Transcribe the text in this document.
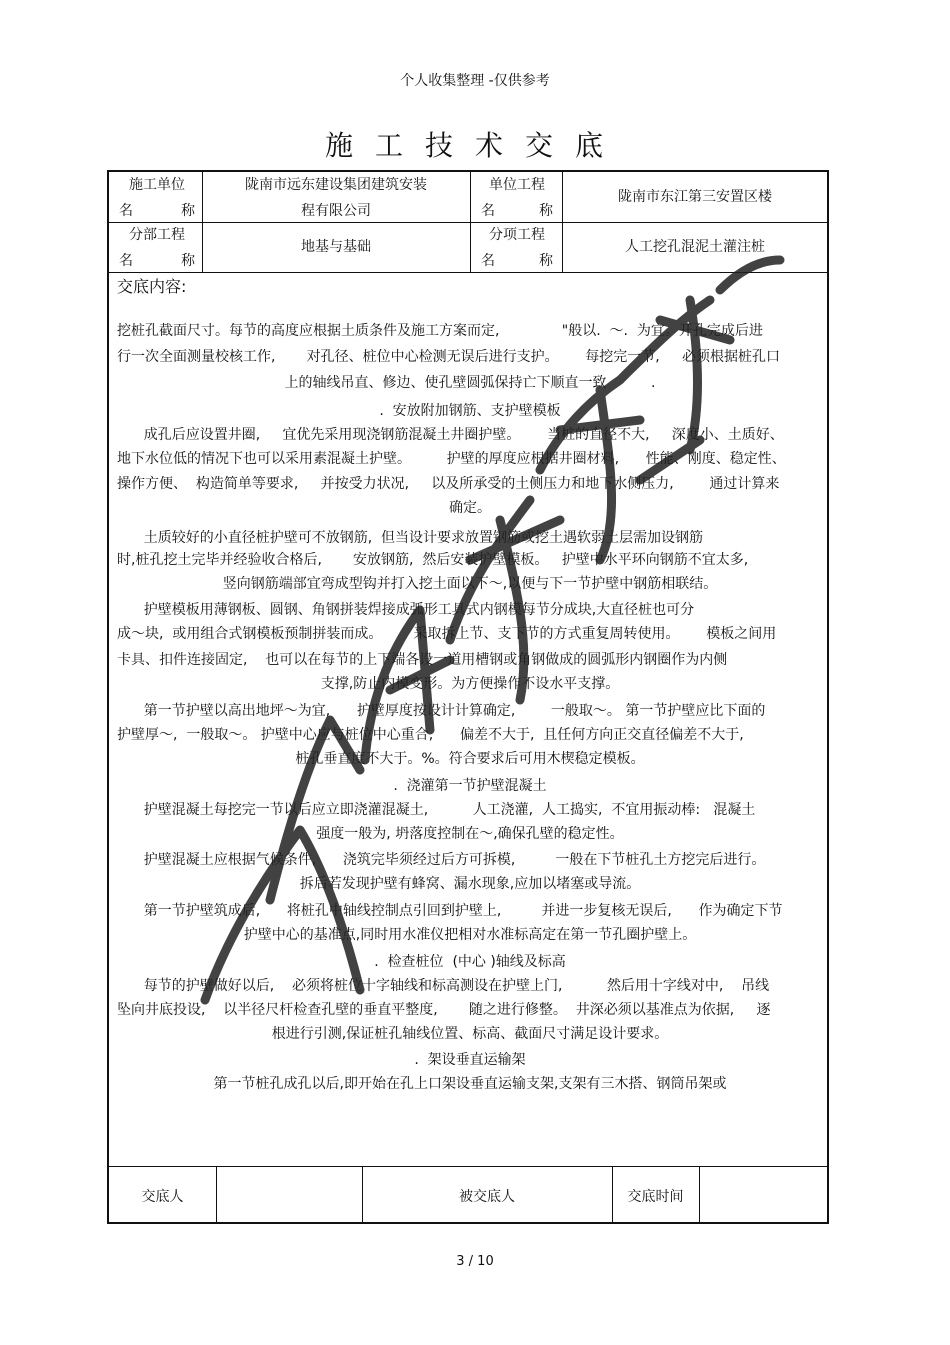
个人收集整理 -仅供参考
施工技术交底
施工单位
名 称
陇南市远东建设集团建筑安装
程有限公司
单位工程
名 称
陇南市东江第三安置区楼
分部工程
名 称
地基与基础
分项工程
名 称
人工挖孔混泥土灌注桩
交底内容:
挖桩孔截面尺寸。每节的高度应根据土质条件及施工方案而定,              "般以.  ～.  为宜。开孔完成后进
行一次全面测量校核工作,       对孔径、桩位中心检测无误后进行支护。      每挖完一节,     必须根据桩孔口
上的轴线吊直、修边、使孔壁圆弧保持亡下顺直一致          .
.  安放附加钢筋、支护壁模板
成孔后应设置井圈,     宜优先采用现浇钢筋混凝土井圈护壁。      当桩的直径不大,     深度小、土质好、
地下水位低的情况下也可以采用素混凝土护壁。        护壁的厚度应根据井圈材料,      性能、刚度、稳定性、
操作方便、  构造简单等要求,     并按受力状况,     以及所承受的土侧压力和地下水侧压力,        通过计算来
确定。
土质较好的小直径桩护壁可不放钢筋,  但当设计要求放置钢筋或挖土遇软弱土层需加设钢筋
时,桩孔挖土完毕并经验收合格后,       安放钢筋,  然后安装护壁模板。   护壁中水平环向钢筋不宜太多,
竖向钢筋端部宜弯成型钩并打入挖土面以下～,以便与下一节护壁中钢筋相联结。
护壁模板用薄钢板、圆钢、角钢拼装焊接成弧形工具式内钢模每节分成块,大直径桩也可分
成～块,  或用组合式钢模板预制拼装而成。       采取拆上节、支下节的方式重复周转使用。      模板之间用
卡具、扣件连接固定,    也可以在每节的上下端各设一道用槽钢或角钢做成的圆弧形内钢圈作为内侧
支撑,防止内模变形。为方便操作不设水平支撑。
第一节护壁以高出地坪～为宜,      护壁厚度按设计计算确定,        一般取～。 第一节护壁应比下面的
护壁厚～,  一般取～。 护壁中心应与桩位中心重合,      偏差不大于,  且任何方向正交直径偏差不大于,
桩孔垂直度不大于。%。符合要求后可用木楔稳定模板。
.  浇灌第一节护壁混凝土
护壁混凝土每挖完一节以后应立即浇灌混凝土,          人工浇灌,  人工捣实,  不宜用振动棒:   混凝土
强度一般为, 坍落度控制在～,确保孔壁的稳定性。
护壁混凝土应根据气候条件,      浇筑完毕须经过后方可拆模,         一般在下节桩孔土方挖完后进行。
拆后若发现护壁有蜂窝、漏水现象,应加以堵塞或导流。
第一节护壁筑成后,      将桩孔中轴线控制点引回到护壁上,         并进一步复核无误后,      作为确定下节
护壁中心的基准点,同时用水准仪把相对水准标高定在第一节孔圈护壁上。
.  检查桩位  (中心 )轴线及标高
每节的护壁做好以后,    必须将桩位十字轴线和标高测设在护壁上门,          然后用十字线对中,    吊线
坠向井底投设,    以半径尺杆检查孔壁的垂直平整度,       随之进行修整。  井深必须以基准点为依据,     逐
根进行引测,保证桩孔轴线位置、标高、截面尺寸满足设计要求。
.  架设垂直运输架
第一节桩孔成孔以后,即开始在孔上口架设垂直运输支架,支架有三木搭、钢筒吊架或
交底人	被交底人	交底时间
3 / 10
